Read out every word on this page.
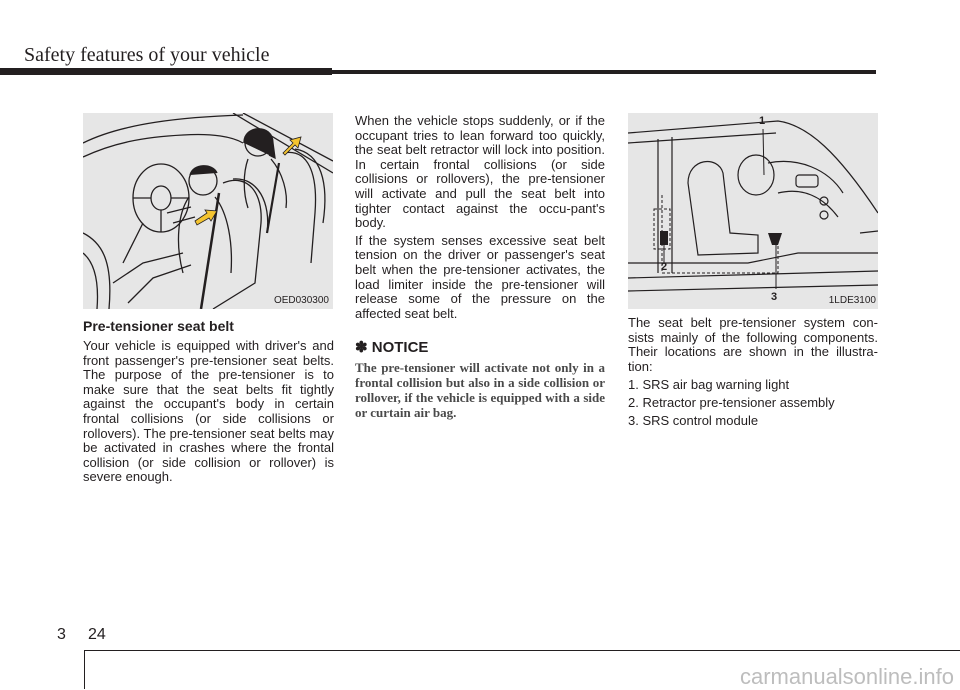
Safety features of your vehicle
OED030300
1
2
3	1LDE3100
Pre-tensioner seat belt

Your vehicle is equipped with driver's and front passenger's pre-tensioner seat belts. The purpose of the pre-tensioner is to make sure that the seat belts fit tightly against the occupant's body in certain frontal collisions (or side collisions or rollovers). The pre-tensioner seat belts may be activated in crashes where the frontal collision (or side collision or rollover) is severe enough.

When the vehicle stops suddenly, or if the occupant tries to lean forward too quickly, the seat belt retractor will lock into position. In certain frontal collisions (or side collisions or rollovers), the pre-tensioner will activate and pull the seat belt into tighter contact against the occu-pant's body.

If the system senses excessive seat belt tension on the driver or passenger's seat belt when the pre-tensioner activates, the load limiter inside the pre-tensioner will release some of the pressure on the affected seat belt.

✽ NOTICE

The pre-tensioner will activate not only in a frontal collision but also in a side collision or rollover, if the vehicle is equipped with a side or curtain air bag.

The seat belt pre-tensioner system con-sists mainly of the following components. Their locations are shown in the illustra-tion:

1. SRS air bag warning light
2. Retractor pre-tensioner assembly
3. SRS control module
3 24
carmanualsonline.info
